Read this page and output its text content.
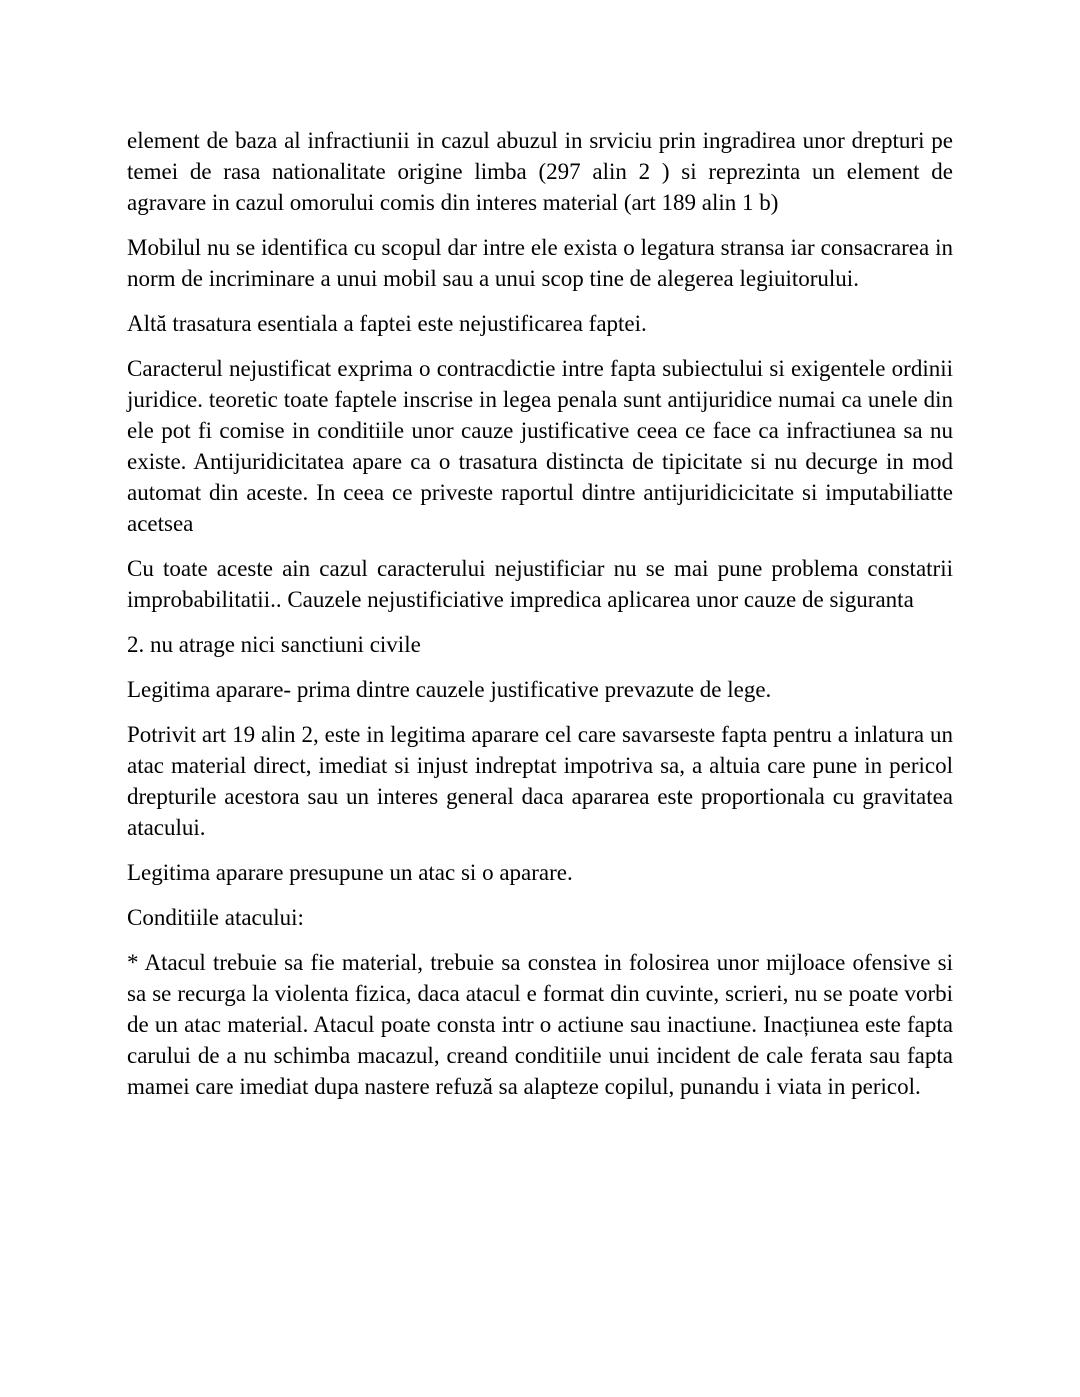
element de baza al infractiunii in cazul abuzul in srviciu prin ingradirea unor drepturi pe temei de rasa nationalitate origine limba (297 alin 2 ) si reprezinta un element de agravare in cazul omorului comis din interes material (art 189 alin 1 b)

Mobilul nu se identifica cu scopul dar intre ele exista o legatura stransa iar consacrarea in norm de incriminare a unui mobil sau a unui scop tine de alegerea legiuitorului.

Altă trasatura esentiala a faptei este nejustificarea faptei.

Caracterul nejustificat exprima o contracdictie intre fapta subiectului si exigentele ordinii juridice. teoretic toate faptele inscrise in legea penala sunt antijuridice numai ca unele din ele pot fi comise in conditiile unor cauze justificative ceea ce face ca infractiunea sa nu existe. Antijuridicitatea apare ca o trasatura distincta de tipicitate si nu decurge in mod automat din aceste. In ceea ce priveste raportul dintre antijuridicicitate si imputabiliatte acetsea

Cu toate aceste ain cazul caracterului nejustificiar nu se mai pune problema constatrii improbabilitatii.. Cauzele nejustificiative impredica aplicarea unor cauze de siguranta

2. nu atrage nici sanctiuni civile

Legitima aparare- prima dintre cauzele justificative prevazute de lege.

Potrivit art 19 alin 2, este in legitima aparare cel care savarseste fapta pentru a inlatura un atac material direct, imediat si injust indreptat impotriva sa, a altuia care pune in pericol drepturile acestora sau un interes general daca apararea este proportionala cu gravitatea atacului.

Legitima aparare presupune un atac si o aparare.

Conditiile atacului:

* Atacul trebuie sa fie material, trebuie sa constea in folosirea unor mijloace ofensive si sa se recurga la violenta fizica, daca atacul e format din cuvinte, scrieri, nu se poate vorbi de un atac material. Atacul poate consta intr o actiune sau inactiune. Inacțiunea este fapta carului de a nu schimba macazul, creand conditiile unui incident de cale ferata sau fapta mamei care imediat dupa nastere refuză sa alapteze copilul, punandu i viata in pericol.
